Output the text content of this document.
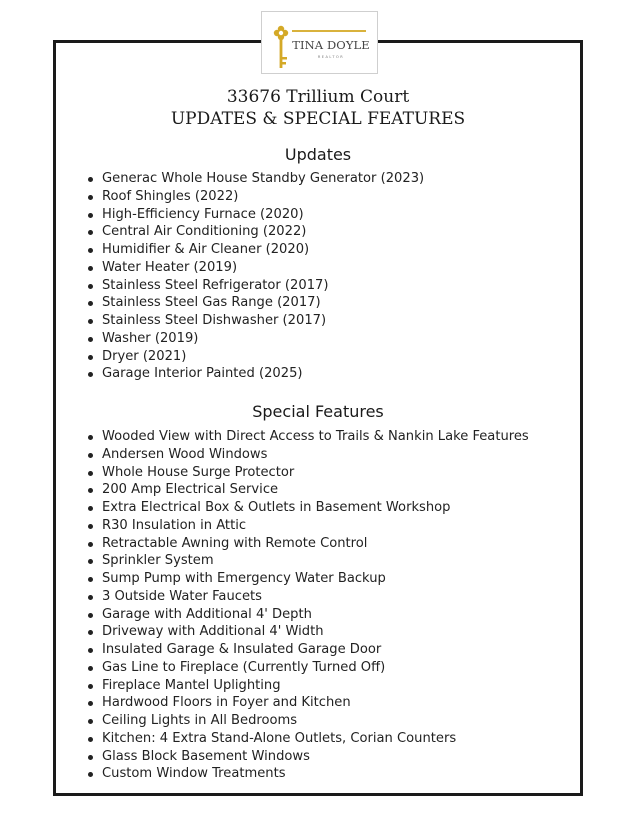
TINA DOYLE
REALTOR
33676 Trillium Court
UPDATES & SPECIAL FEATURES
Updates
Generac Whole House Standby Generator (2023)
Roof Shingles (2022)
High-Efficiency Furnace (2020)
Central Air Conditioning (2022)
Humidifier & Air Cleaner (2020)
Water Heater (2019)
Stainless Steel Refrigerator (2017)
Stainless Steel Gas Range (2017)
Stainless Steel Dishwasher (2017)
Washer (2019)
Dryer (2021)
Garage Interior Painted (2025)
Special Features
Wooded View with Direct Access to Trails & Nankin Lake Features
Andersen Wood Windows
Whole House Surge Protector
200 Amp Electrical Service
Extra Electrical Box & Outlets in Basement Workshop
R30 Insulation in Attic
Retractable Awning with Remote Control
Sprinkler System
Sump Pump with Emergency Water Backup
3 Outside Water Faucets
Garage with Additional 4' Depth
Driveway with Additional 4' Width
Insulated Garage & Insulated Garage Door
Gas Line to Fireplace (Currently Turned Off)
Fireplace Mantel Uplighting
Hardwood Floors in Foyer and Kitchen
Ceiling Lights in All Bedrooms
Kitchen: 4 Extra Stand-Alone Outlets, Corian Counters
Glass Block Basement Windows
Custom Window Treatments
